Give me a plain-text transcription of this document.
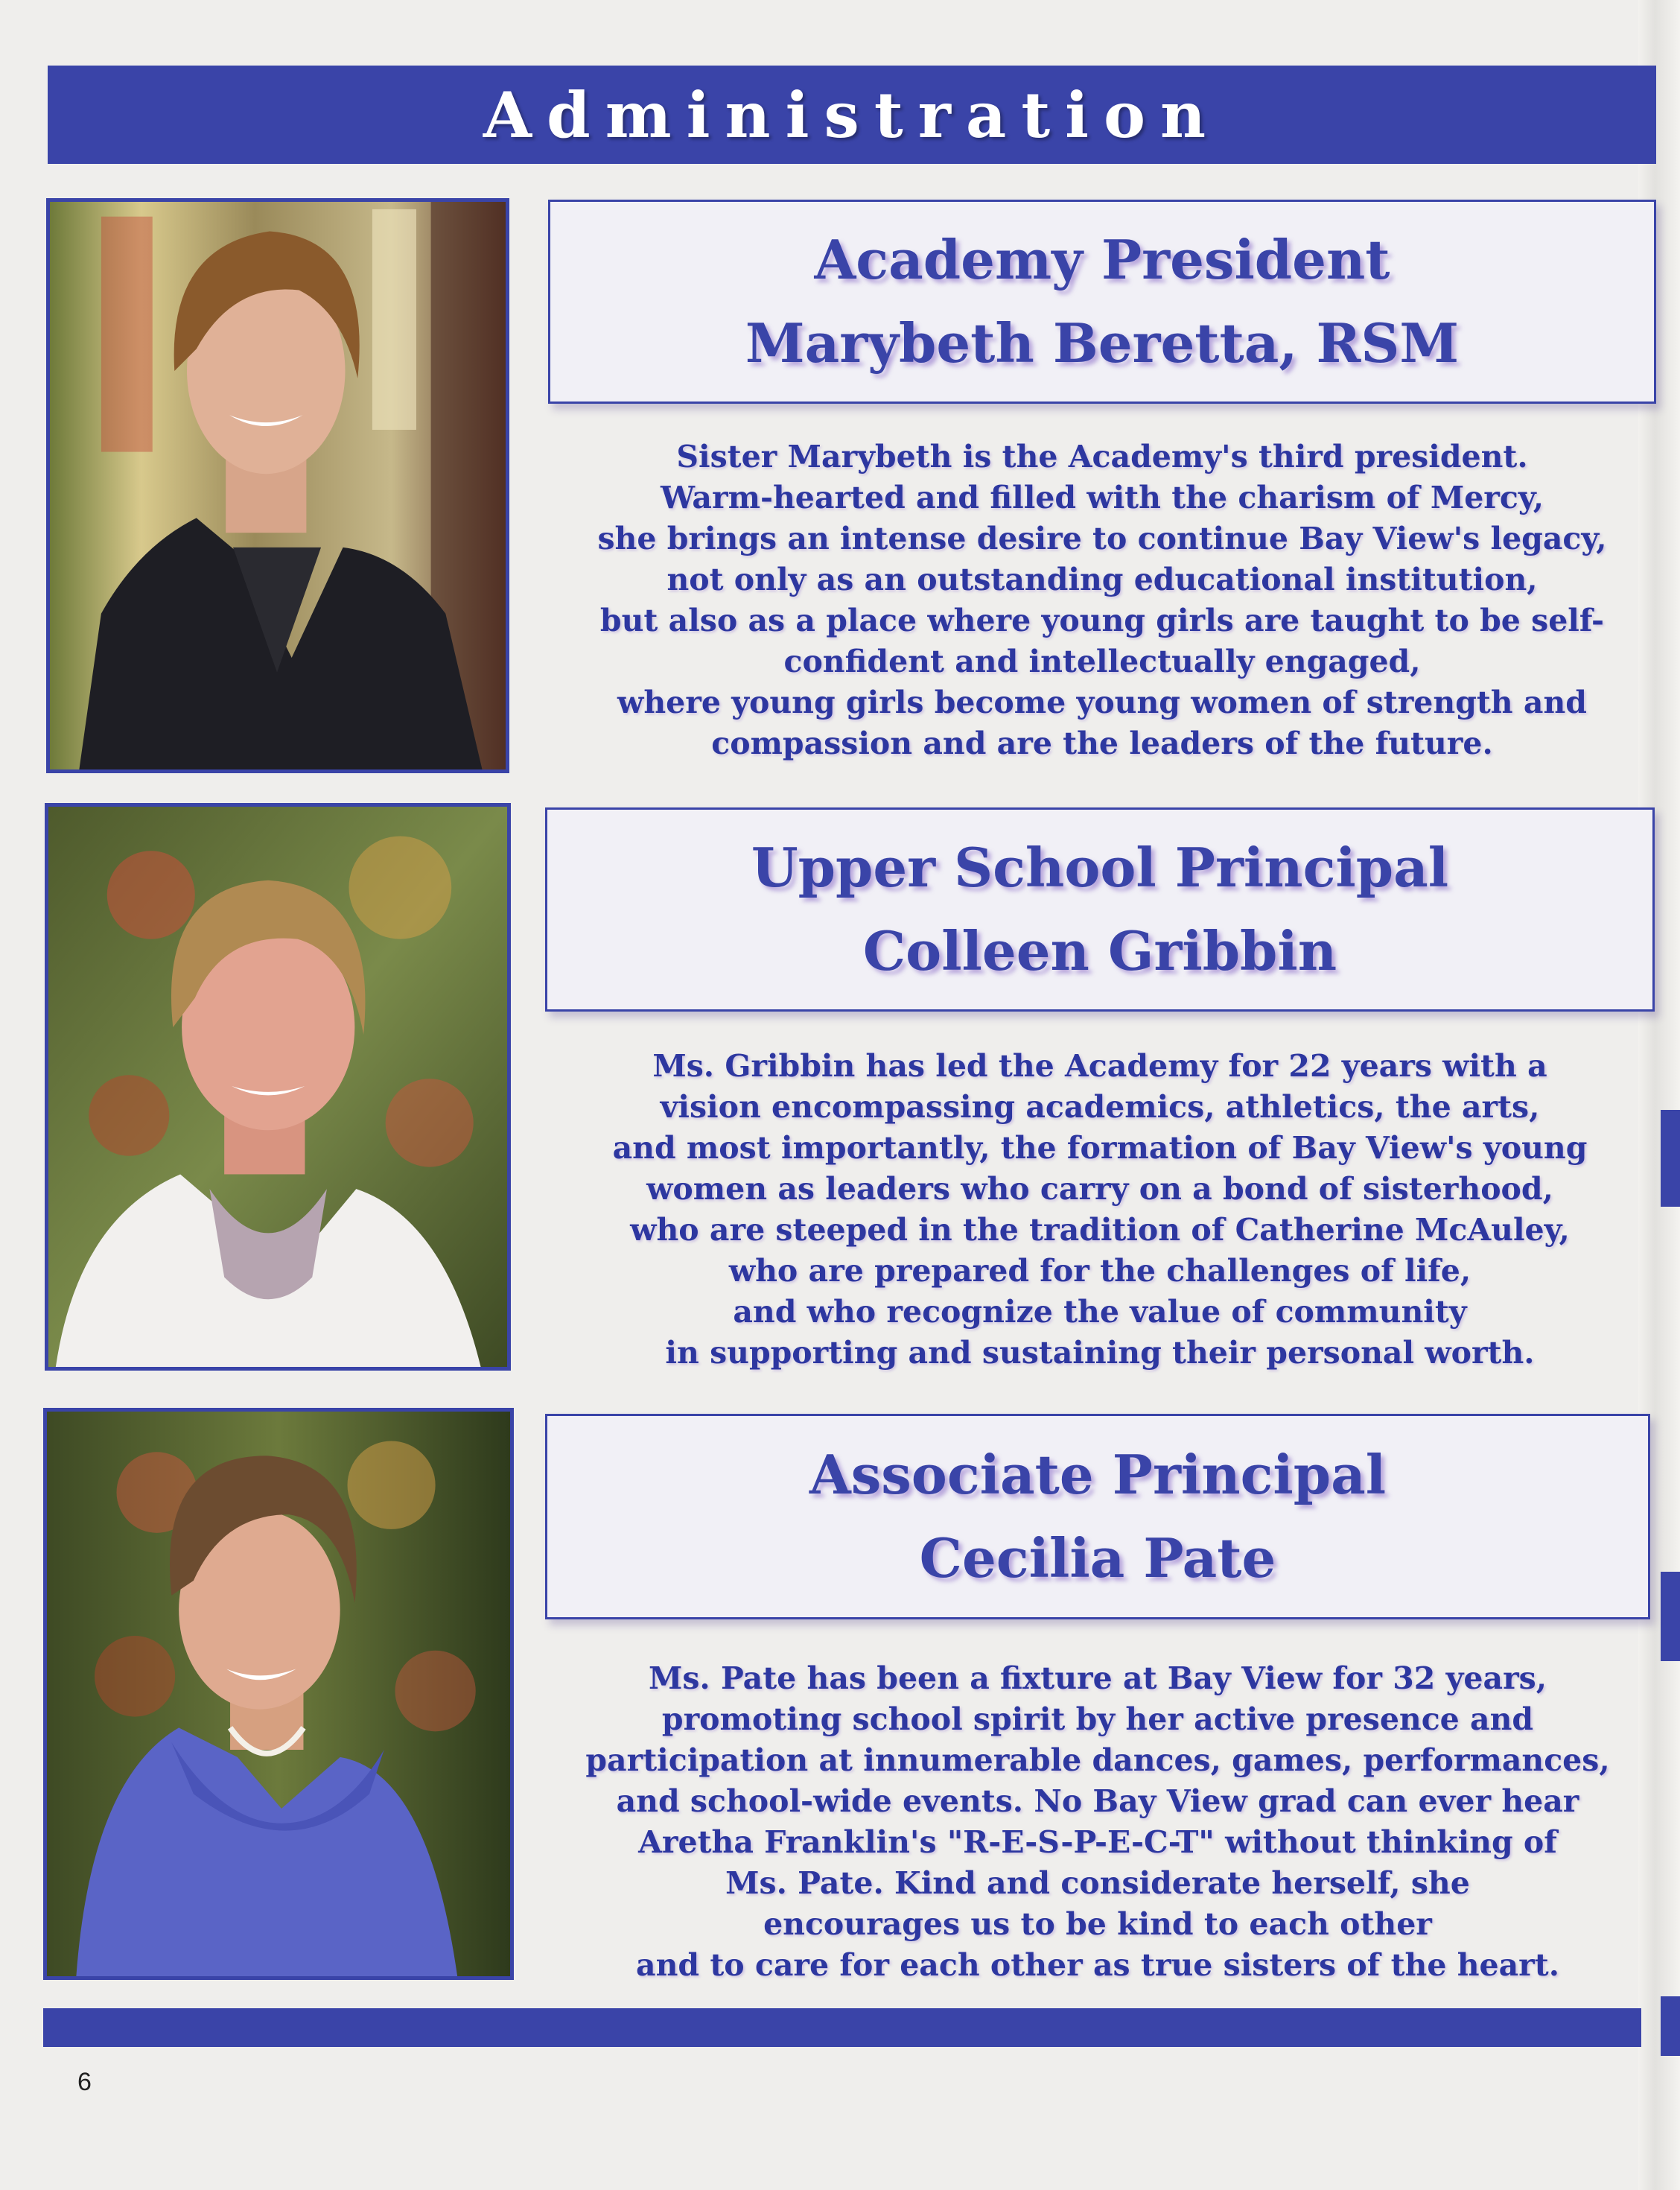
Administration
Academy President
Marybeth Beretta, RSM
Sister Marybeth is the Academy's third president.
Warm-hearted and filled with the charism of Mercy,
she brings an intense desire to continue Bay View's legacy,
not only as an outstanding educational institution,
but also as a place where young girls are taught to be self-
confident and intellectually engaged,
where young girls become young women of strength and
compassion and are the leaders of the future.
Upper School Principal
Colleen Gribbin
Ms. Gribbin has led the Academy for 22 years with a
vision encompassing academics, athletics, the arts,
and most importantly, the formation of Bay View's young
women as leaders who carry on a bond of sisterhood,
who are steeped in the tradition of Catherine McAuley,
who are prepared for the challenges of life,
and who recognize the value of community
in supporting and sustaining their personal worth.
Associate Principal
Cecilia Pate
Ms. Pate has been a fixture at Bay View for 32 years,
promoting school spirit by her active presence and
participation at innumerable dances, games, performances,
and school-wide events. No Bay View grad can ever hear
Aretha Franklin's "R-E-S-P-E-C-T" without thinking of
Ms. Pate. Kind and considerate herself, she
encourages us to be kind to each other
and to care for each other as true sisters of the heart.
6
